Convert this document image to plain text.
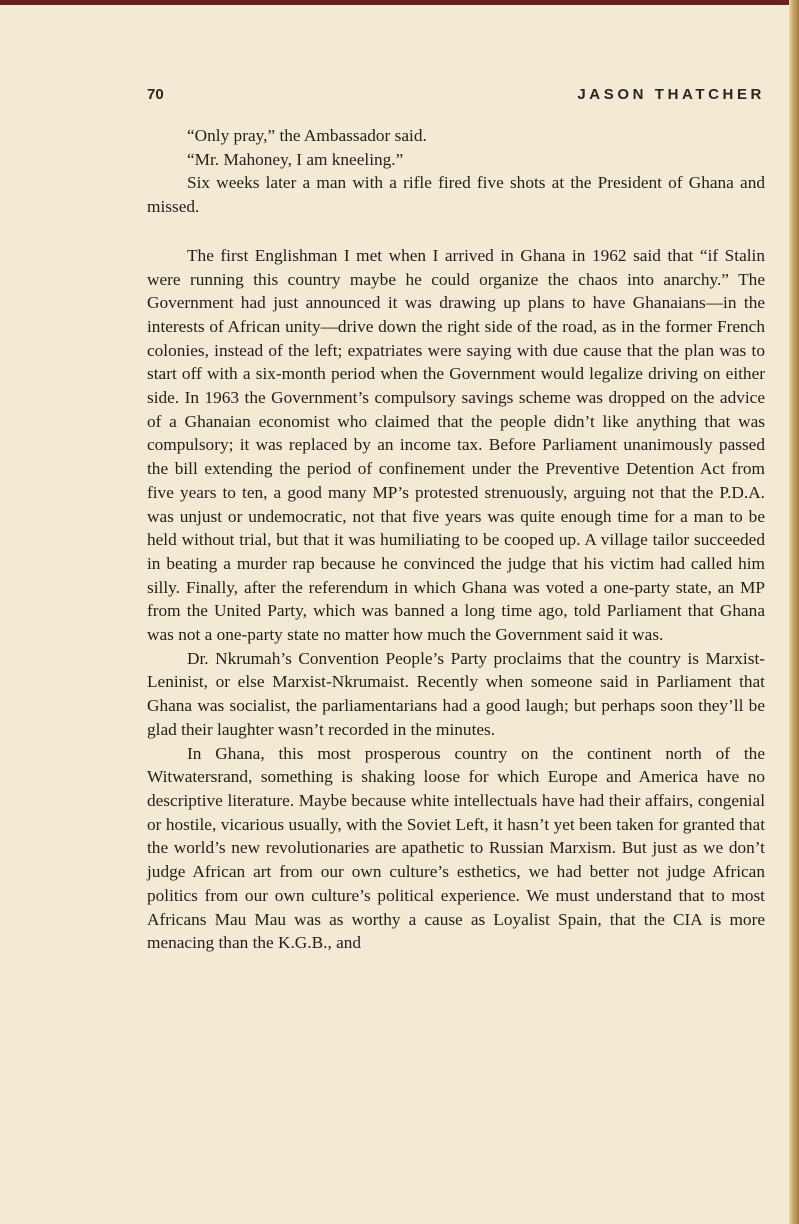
70	JASON THATCHER

“Only pray,” the Ambassador said.

“Mr. Mahoney, I am kneeling.”

Six weeks later a man with a rifle fired five shots at the President of Ghana and missed.

The first Englishman I met when I arrived in Ghana in 1962 said that “if Stalin were running this country maybe he could organize the chaos into anarchy.” The Government had just announced it was drawing up plans to have Ghanaians—in the interests of African unity—drive down the right side of the road, as in the former French colonies, instead of the left; expatriates were saying with due cause that the plan was to start off with a six-month period when the Government would legalize driving on either side. In 1963 the Government’s compulsory savings scheme was dropped on the advice of a Ghanaian economist who claimed that the people didn’t like anything that was compulsory; it was replaced by an income tax. Before Parliament unanimously passed the bill extending the period of confinement under the Preventive Detention Act from five years to ten, a good many MP’s protested strenuously, arguing not that the P.D.A. was unjust or undemocratic, not that five years was quite enough time for a man to be held without trial, but that it was humiliating to be cooped up. A village tailor succeeded in beating a murder rap because he convinced the judge that his victim had called him silly. Finally, after the referendum in which Ghana was voted a one-party state, an MP from the United Party, which was banned a long time ago, told Parliament that Ghana was not a one-party state no matter how much the Government said it was.

Dr. Nkrumah’s Convention People’s Party proclaims that the country is Marxist-Leninist, or else Marxist-Nkrumaist. Recently when someone said in Parliament that Ghana was socialist, the parliamentarians had a good laugh; but perhaps soon they’ll be glad their laughter wasn’t recorded in the minutes.

In Ghana, this most prosperous country on the continent north of the Witwatersrand, something is shaking loose for which Europe and America have no descriptive literature. Maybe because white intellectuals have had their affairs, congenial or hostile, vicarious usually, with the Soviet Left, it hasn’t yet been taken for granted that the world’s new revolutionaries are apathetic to Russian Marxism. But just as we don’t judge African art from our own culture’s esthetics, we had better not judge African politics from our own culture’s political experience. We must understand that to most Africans Mau Mau was as worthy a cause as Loyalist Spain, that the CIA is more menacing than the K.G.B., and
